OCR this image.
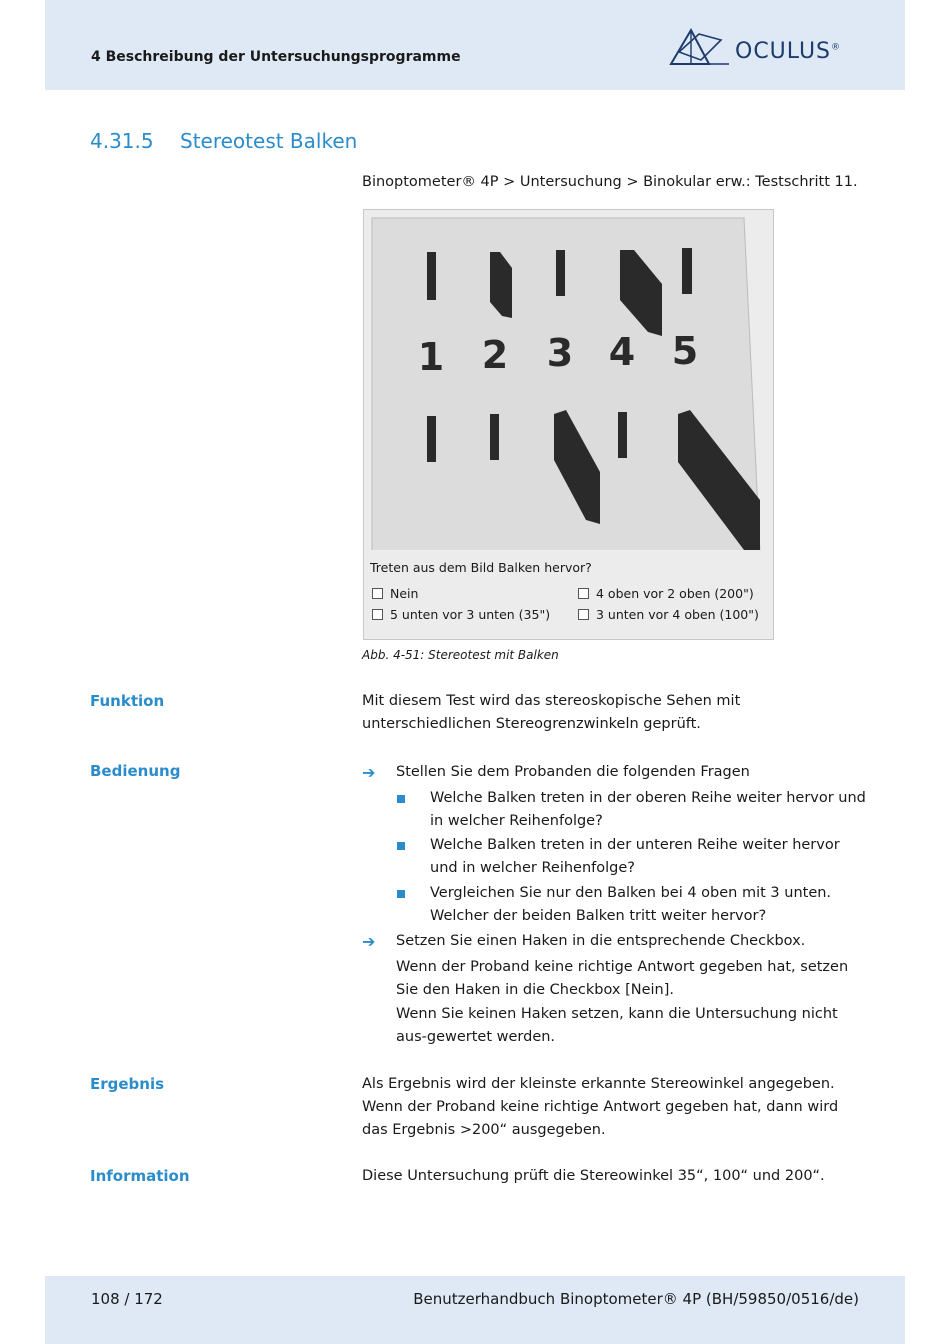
4 Beschreibung der Untersuchungsprogramme	OCULUS®
4.31.5 Stereotest Balken
Binoptometer® 4P > Untersuchung > Binokular erw.: Testschritt 11.
1 2 3 4 5
Treten aus dem Bild Balken hervor?
Nein
5 unten vor 3 unten (35")
4 oben vor 2 oben (200")
3 unten vor 4 oben (100")
Abb. 4-51: Stereotest mit Balken
Funktion	Mit diesem Test wird das stereoskopische Sehen mit unterschiedlichen Stereogrenzwinkeln geprüft.
Bedienung	➔ Stellen Sie dem Probanden die folgenden Fragen
Welche Balken treten in der oberen Reihe weiter hervor und in welcher Reihenfolge?
Welche Balken treten in der unteren Reihe weiter hervor und in welcher Reihenfolge?
Vergleichen Sie nur den Balken bei 4 oben mit 3 unten. Welcher der beiden Balken tritt weiter hervor?
➔ Setzen Sie einen Haken in die entsprechende Checkbox.
Wenn der Proband keine richtige Antwort gegeben hat, setzen Sie den Haken in die Checkbox [Nein].
Wenn Sie keinen Haken setzen, kann die Untersuchung nicht aus-gewertet werden.
Ergebnis	Als Ergebnis wird der kleinste erkannte Stereowinkel angegeben. Wenn der Proband keine richtige Antwort gegeben hat, dann wird das Ergebnis >200“ ausgegeben.
Information	Diese Untersuchung prüft die Stereowinkel 35“, 100“ und 200“.
108 / 172	Benutzerhandbuch Binoptometer® 4P (BH/59850/0516/de)
